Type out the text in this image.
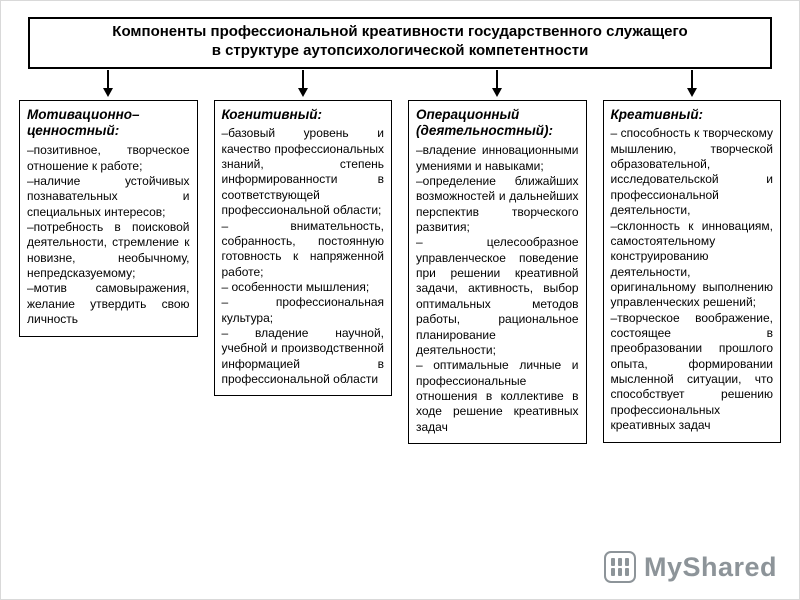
Компоненты профессиональной креативности государственного служащего
в структуре аутопсихологической компетентности
Мотивационно–ценностный:
–позитивное, творческое отношение к работе;
–наличие устойчивых познавательных и специальных интересов;
–потребность в поисковой деятельности, стремление к новизне, необычному, непредсказуемому;
–мотив самовыражения, желание утвердить свою личность
Когнитивный:
–базовый уровень и качество профессиональных знаний, степень информированности в соответствующей профессиональной области;
– внимательность, собранность, постоянную готовность к напряженной работе;
– особенности мышления;
– профессиональная культура;
– владение научной, учебной и производственной информацией в профессиональной области
Операционный (деятельностный):
–владение инновационными умениями и навыками;
–определение ближайших возможностей и дальнейших перспектив творческого развития;
– целесообразное управленческое поведение при решении креативной задачи, активность, выбор оптимальных методов работы, рациональное планирование деятельности;
– оптимальные личные и профессиональные отношения в коллективе в ходе решение креативных задач
Креативный:
– способность к творческому мышлению, творческой образовательной, исследовательской и профессиональной деятельности,
–склонность к инновациям, самостоятельному конструированию деятельности, оригинальному выполнению управленческих решений;
–творческое воображение, состоящее в преобразовании прошлого опыта, формировании мысленной ситуации, что способствует решению профессиональных креативных задач
MyShared
